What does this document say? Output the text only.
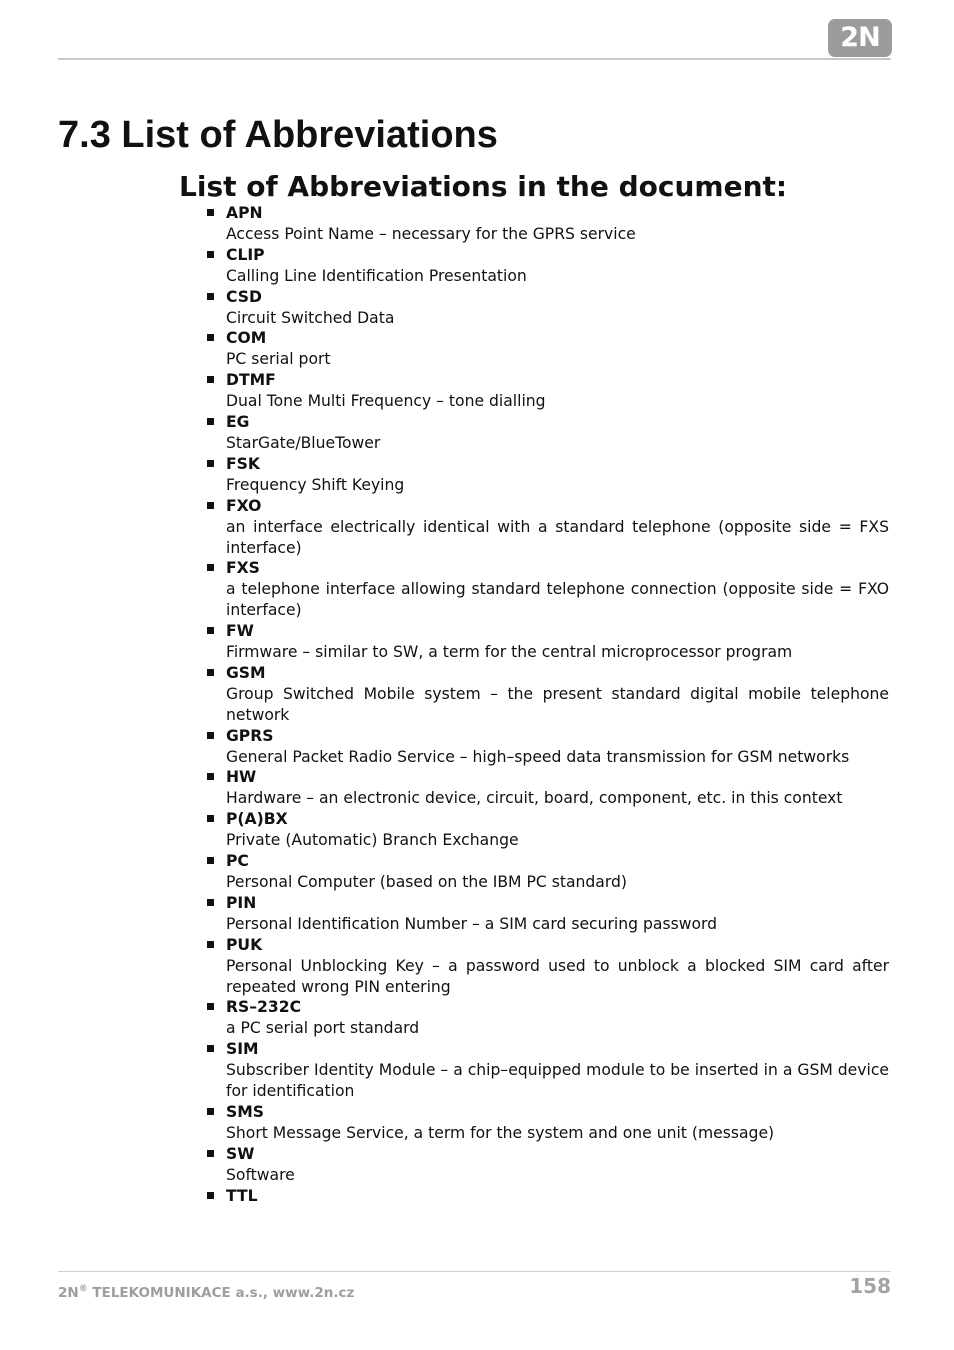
2N
7.3 List of Abbreviations
List of Abbreviations in the document:
APN
Access Point Name – necessary for the GPRS service
CLIP
Calling Line Identification Presentation
CSD
Circuit Switched Data
COM
PC serial port
DTMF
Dual Tone Multi Frequency – tone dialling
EG
StarGate/BlueTower
FSK
Frequency Shift Keying
FXO
an interface electrically identical with a standard telephone (opposite side = FXS interface)
FXS
a telephone interface allowing standard telephone connection (opposite side = FXO interface)
FW
Firmware – similar to SW, a term for the central microprocessor program
GSM
Group Switched Mobile system – the present standard digital mobile telephone network
GPRS
General Packet Radio Service – high–speed data transmission for GSM networks
HW
Hardware – an electronic device, circuit, board, component, etc. in this context
P(A)BX
Private (Automatic) Branch Exchange
PC
Personal Computer (based on the IBM PC standard)
PIN
Personal Identification Number – a SIM card securing password
PUK
Personal Unblocking Key – a password used to unblock a blocked SIM card after repeated wrong PIN entering
RS–232C
a PC serial port standard
SIM
Subscriber Identity Module – a chip–equipped module to be inserted in a GSM device for identification
SMS
Short Message Service, a term for the system and one unit (message)
SW
Software
TTL
2N® TELEKOMUNIKACE a.s., www.2n.cz	158
